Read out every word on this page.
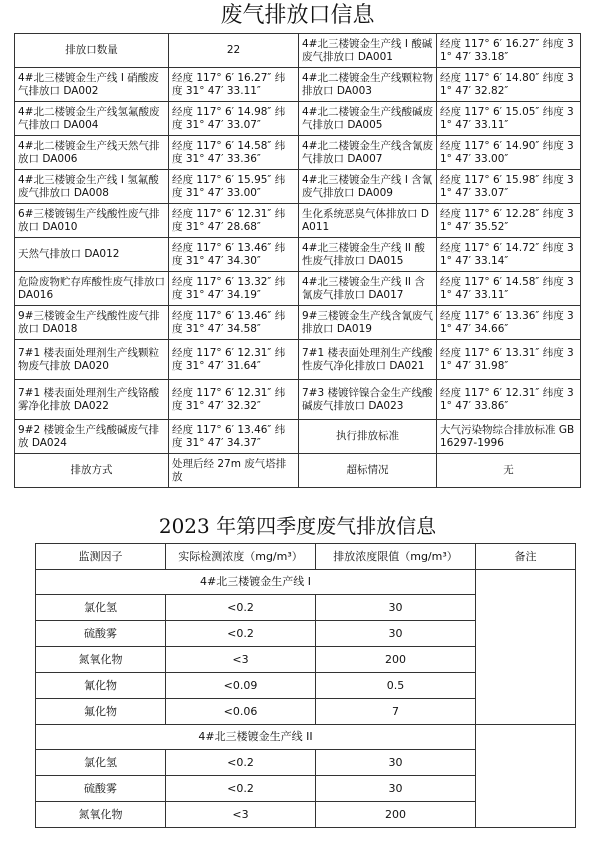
废气排放口信息
排放口数量	22	4#北三楼镀金生产线 I 酸碱废气排放口 DA001	经度 117° 6′ 16.27″ 纬度 31° 47′ 33.18″
4#北三楼镀金生产线 I 硝酸废气排放口 DA002	经度 117° 6′ 16.27″ 纬度 31° 47′ 33.11″	4#北二楼镀金生产线颗粒物排放口 DA003	经度 117° 6′ 14.80″ 纬度 31° 47′ 32.82″
4#北二楼镀金生产线氢氟酸废气排放口 DA004	经度 117° 6′ 14.98″ 纬度 31° 47′ 33.07″	4#北二楼镀金生产线酸碱废气排放口 DA005	经度 117° 6′ 15.05″ 纬度 31° 47′ 33.11″
4#北二楼镀金生产线天然气排放口 DA006	经度 117° 6′ 14.58″ 纬度 31° 47′ 33.36″	4#北二楼镀金生产线含氰废气排放口 DA007	经度 117° 6′ 14.90″ 纬度 31° 47′ 33.00″
4#北三楼镀金生产线 I 氢氟酸废气排放口 DA008	经度 117° 6′ 15.95″ 纬度 31° 47′ 33.00″	4#北三楼镀金生产线 I 含氰废气排放口 DA009	经度 117° 6′ 15.98″ 纬度 31° 47′ 33.07″
6#三楼镀锡生产线酸性废气排放口 DA010	经度 117° 6′ 12.31″ 纬度 31° 47′ 28.68″	生化系统恶臭气体排放口 DA011	经度 117° 6′ 12.28″ 纬度 31° 47′ 35.52″
天然气排放口 DA012	经度 117° 6′ 13.46″ 纬度 31° 47′ 34.30″	4#北三楼镀金生产线 II 酸性废气排放口 DA015	经度 117° 6′ 14.72″ 纬度 31° 47′ 33.14″
危险废物贮存库酸性废气排放口 DA016	经度 117° 6′ 13.32″ 纬度 31° 47′ 34.19″	4#北三楼镀金生产线 II 含氰废气排放口 DA017	经度 117° 6′ 14.58″ 纬度 31° 47′ 33.11″
9#三楼镀金生产线酸性废气排放口 DA018	经度 117° 6′ 13.46″ 纬度 31° 47′ 34.58″	9#三楼镀金生产线含氰废气排放口 DA019	经度 117° 6′ 13.36″ 纬度 31° 47′ 34.66″
7#1 楼表面处理剂生产线颗粒物废气排放 DA020	经度 117° 6′ 12.31″ 纬度 31° 47′ 31.64″	7#1 楼表面处理剂生产线酸性废气净化排放口 DA021	经度 117° 6′ 13.31″ 纬度 31° 47′ 31.98″
7#1 楼表面处理剂生产线铬酸雾净化排放 DA022	经度 117° 6′ 12.31″ 纬度 31° 47′ 32.32″	7#3 楼镀锌镍合金生产线酸碱废气排放口 DA023	经度 117° 6′ 12.31″ 纬度 31° 47′ 33.86″
9#2 楼镀金生产线酸碱废气排放 DA024	经度 117° 6′ 13.46″ 纬度 31° 47′ 34.37″	执行排放标准	大气污染物综合排放标准 GB16297-1996
排放方式	处理后经 27m 废气塔排放	超标情况	无
2023 年第四季度废气排放信息
监测因子	实际检测浓度（mg/m³）	排放浓度限值（mg/m³）	备注
4#北三楼镀金生产线 I			
氯化氢	<0.2	30	
硫酸雾	<0.2	30	
氮氧化物	<3	200	
氰化物	<0.09	0.5	
氟化物	<0.06	7	
4#北三楼镀金生产线 II			
氯化氢	<0.2	30	
硫酸雾	<0.2	30	
氮氧化物	<3	200	
